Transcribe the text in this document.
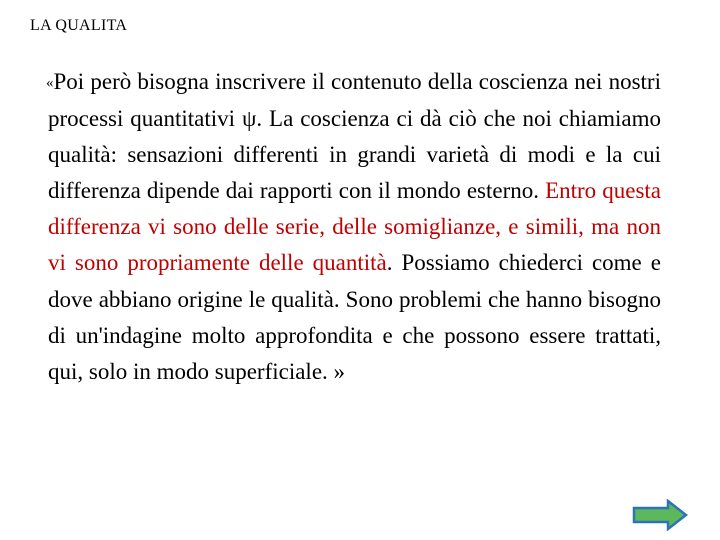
LA QUALITA

«Poi però bisogna inscrivere il contenuto della coscienza nei nostri processi quantitativi ψ. La coscienza ci dà ciò che noi chiamiamo qualità: sensazioni differenti in grandi varietà di modi e la cui differenza dipende dai rapporti con il mondo esterno. Entro questa differenza vi sono delle serie, delle somiglianze, e simili, ma non vi sono propriamente delle quantità. Possiamo chiederci come e dove abbiano origine le qualità. Sono problemi che hanno bisogno di un'indagine molto approfondita e che possono essere trattati, qui, solo in modo superficiale. »
